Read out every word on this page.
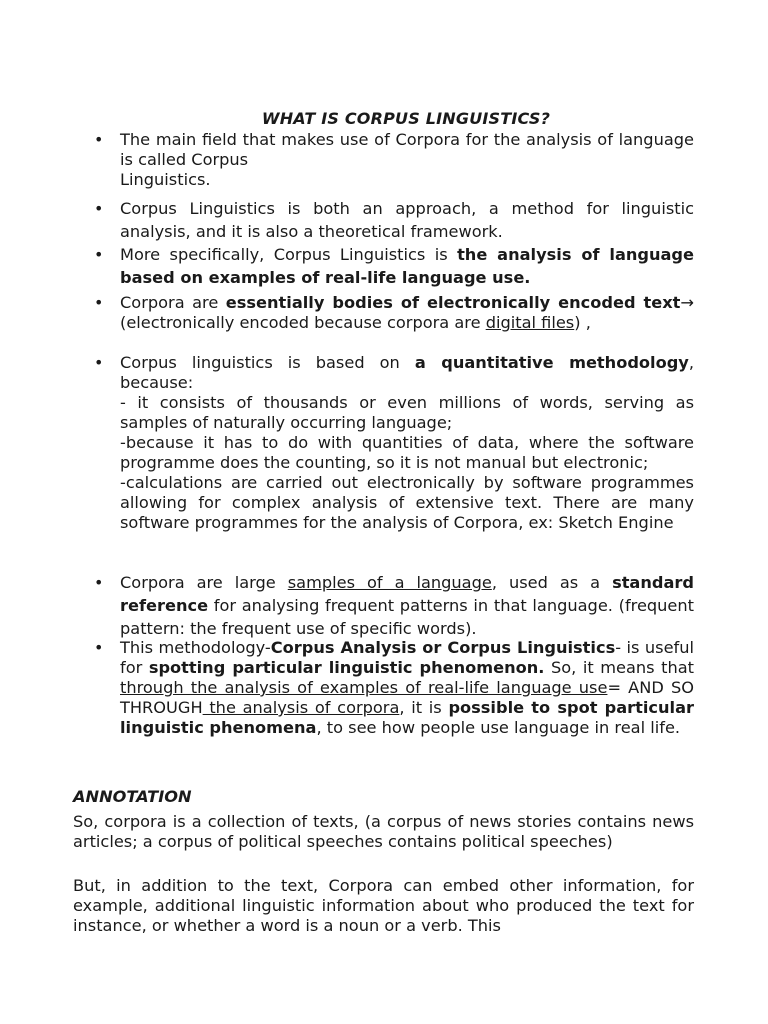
WHAT IS CORPUS LINGUISTICS?
• The main field that makes use of Corpora for the analysis of language is called Corpus
Linguistics.
• Corpus Linguistics is both an approach, a method for linguistic analysis, and it is also a theoretical framework.
• More specifically, Corpus Linguistics is the analysis of language based on examples of real-life language use.
• Corpora are essentially bodies of electronically encoded text→ (electronically encoded because corpora are digital files) ,
• Corpus linguistics is based on a quantitative methodology, because:
- it consists of thousands or even millions of words, serving as samples of naturally occurring language;
-because it has to do with quantities of data, where the software programme does the counting, so it is not manual but electronic;
-calculations are carried out electronically by software programmes allowing for complex analysis of extensive text. There are many software programmes for the analysis of Corpora, ex: Sketch Engine
• Corpora are large samples of a language, used as a standard reference for analysing frequent patterns in that language. (frequent pattern: the frequent use of specific words).
• This methodology-Corpus Analysis or Corpus Linguistics- is useful for spotting particular linguistic phenomenon. So, it means that through the analysis of examples of real-life language use= AND SO THROUGH the analysis of corpora, it is possible to spot particular linguistic phenomena, to see how people use language in real life.
ANNOTATION

So, corpora is a collection of texts, (a corpus of news stories contains news articles; a corpus of political speeches contains political speeches)

But, in addition to the text, Corpora can embed other information, for example, additional linguistic information about who produced the text for instance, or whether a word is a noun or a verb. This
